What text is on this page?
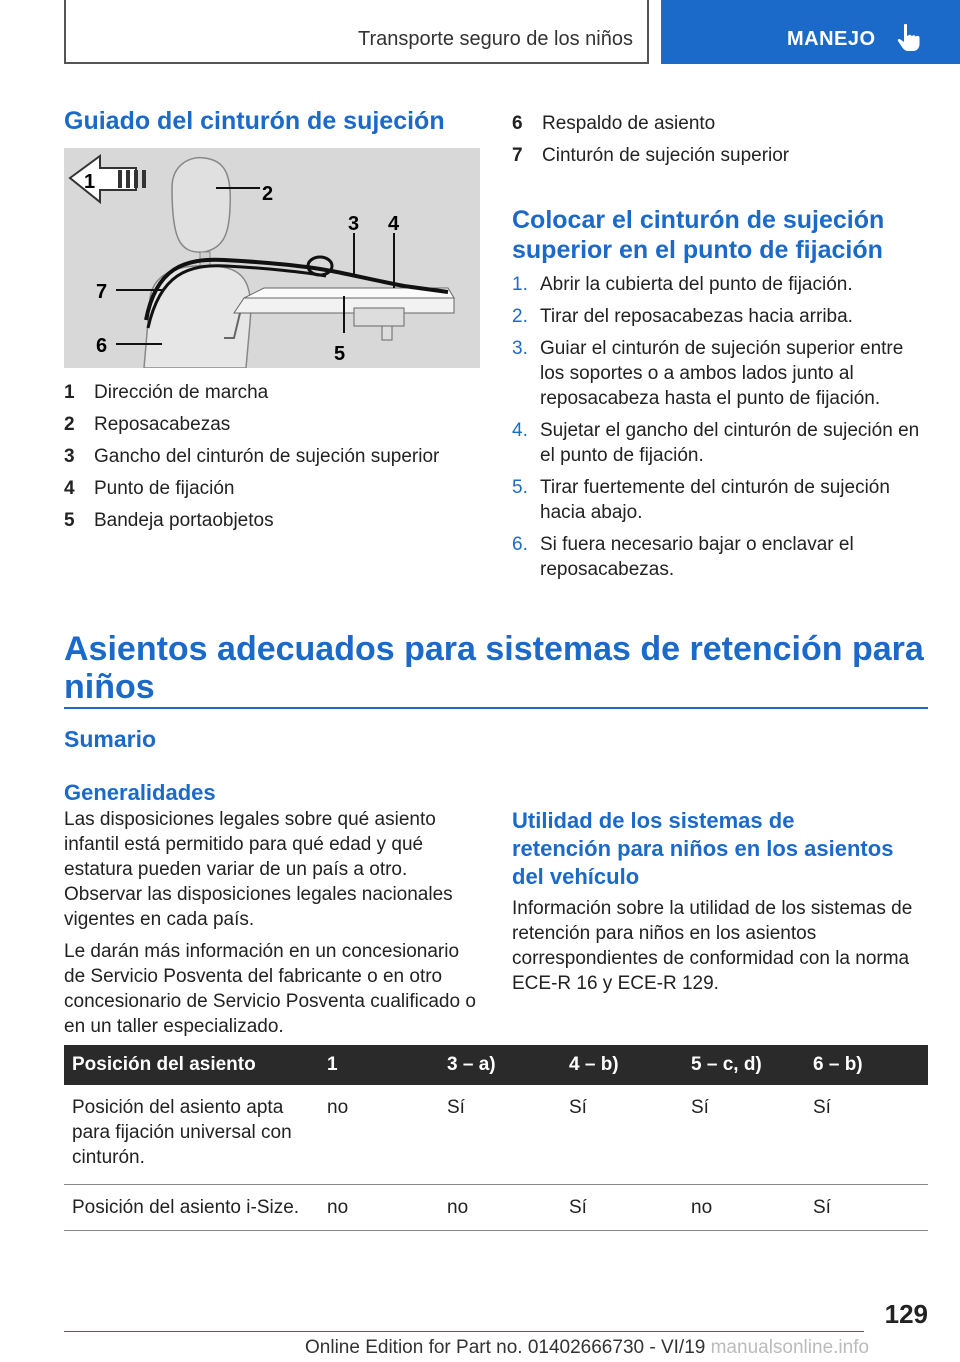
Transporte seguro de los niños	MANEJO
Guiado del cinturón de sujeción
1
2
3 4
5
6
7
1	Dirección de marcha
2	Reposacabezas
3	Gancho del cinturón de sujeción superior
4	Punto de fijación
5	Bandeja portaobjetos
6	Respaldo de asiento
7	Cinturón de sujeción superior
Colocar el cinturón de sujeción
superior en el punto de fijación
1. Abrir la cubierta del punto de fijación.
2. Tirar del reposacabezas hacia arriba.
3. Guiar el cinturón de sujeción superior entre los soportes o a ambos lados junto al reposacabeza hasta el punto de fijación.
4. Sujetar el gancho del cinturón de sujeción en el punto de fijación.
5. Tirar fuertemente del cinturón de sujeción hacia abajo.
6. Si fuera necesario bajar o enclavar el reposacabezas.
Asientos adecuados para sistemas de retención para
niños
Sumario
Generalidades

Las disposiciones legales sobre qué asiento infantil está permitido para qué edad y qué estatura pueden variar de un país a otro. Observar las disposiciones legales nacionales vigentes en cada país.

Le darán más información en un concesionario de Servicio Posventa del fabricante o en otro concesionario de Servicio Posventa cualificado o en un taller especializado.

Utilidad de los sistemas de
retención para niños en los asientos
del vehículo

Información sobre la utilidad de los sistemas de retención para niños en los asientos correspondientes de conformidad con la norma ECE-R 16 y ECE-R 129.

Posición del asiento	1	3 – a)	4 – b)	5 – c, d)	6 – b)
Posición del asiento apta para fijación universal con cinturón.	no	Sí	Sí	Sí	Sí
Posición del asiento i-Size.	no	no	Sí	no	Sí
129
Online Edition for Part no. 01402666730 - VI/19 manualsonline.info
